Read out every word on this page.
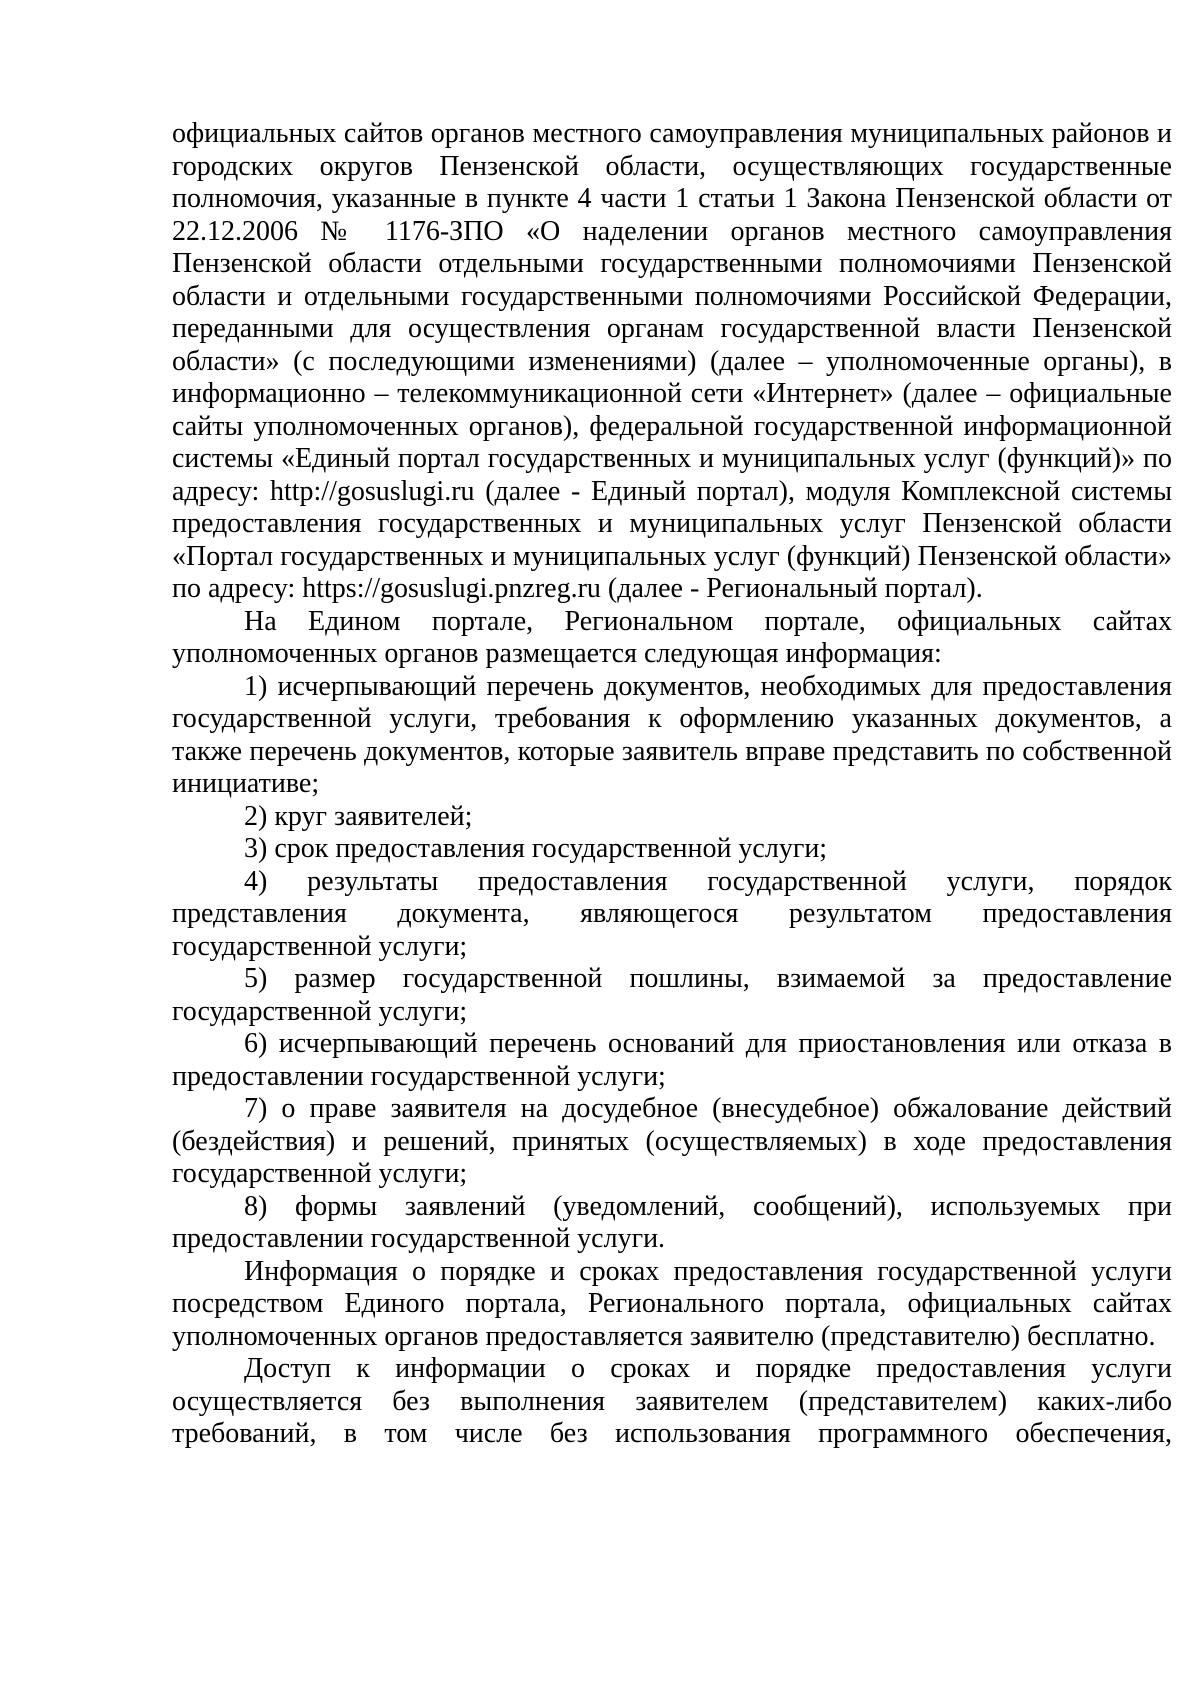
официальных сайтов органов местного самоуправления муниципальных районов и городских округов Пензенской области, осуществляющих государственные полномочия, указанные в пункте 4 части 1 статьи 1 Закона Пензенской области от 22.12.2006 № 1176-ЗПО «О наделении органов местного самоуправления Пензенской области отдельными государственными полномочиями Пензенской области и отдельными государственными полномочиями Российской Федерации, переданными для осуществления органам государственной власти Пензенской области» (с последующими изменениями) (далее – уполномоченные органы), в информационно – телекоммуникационной сети «Интернет» (далее – официальные сайты уполномоченных органов), федеральной государственной информационной системы «Единый портал государственных и муниципальных услуг (функций)» по адресу: http://gosuslugi.ru (далее - Единый портал), модуля Комплексной системы предоставления государственных и муниципальных услуг Пензенской области «Портал государственных и муниципальных услуг (функций) Пензенской области» по адресу: https://gosuslugi.pnzreg.ru (далее - Региональный портал).

На Едином портале, Региональном портале, официальных сайтах уполномоченных органов размещается следующая информация:

1) исчерпывающий перечень документов, необходимых для предоставления государственной услуги, требования к оформлению указанных документов, а также перечень документов, которые заявитель вправе представить по собственной инициативе;

2) круг заявителей;

3) срок предоставления государственной услуги;

4) результаты предоставления государственной услуги, порядок представления документа, являющегося результатом предоставления государственной услуги;

5) размер государственной пошлины, взимаемой за предоставление государственной услуги;

6) исчерпывающий перечень оснований для приостановления или отказа в предоставлении государственной услуги;

7) о праве заявителя на досудебное (внесудебное) обжалование действий (бездействия) и решений, принятых (осуществляемых) в ходе предоставления государственной услуги;

8) формы заявлений (уведомлений, сообщений), используемых при предоставлении государственной услуги.

Информация о порядке и сроках предоставления государственной услуги посредством Единого портала, Регионального портала, официальных сайтах уполномоченных органов предоставляется заявителю (представителю) бесплатно.

Доступ к информации о сроках и порядке предоставления услуги осуществляется без выполнения заявителем (представителем) каких-либо требований, в том числе без использования программного обеспечения,
